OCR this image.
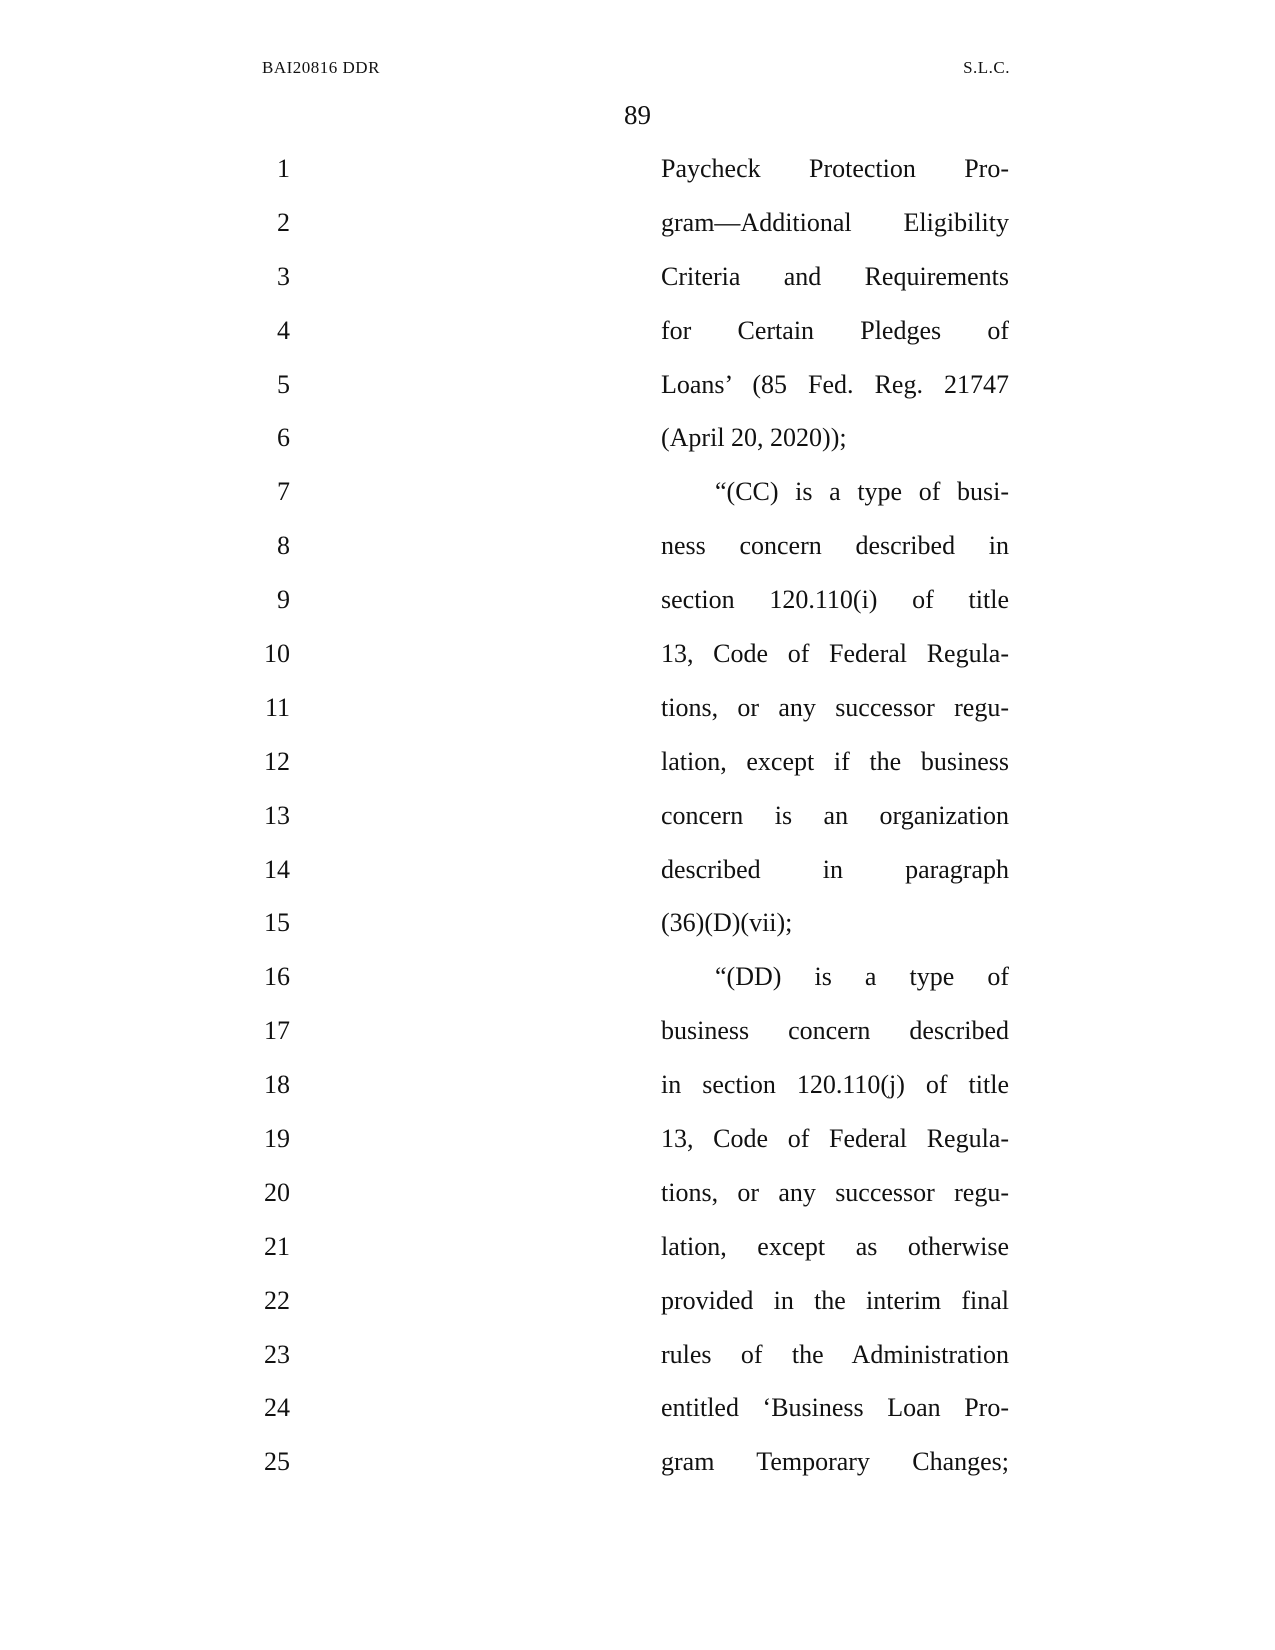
BAI20816 DDR	S.L.C.
89
1	Paycheck Protection Pro-
2	gram—Additional Eligibility
3	Criteria and Requirements
4	for Certain Pledges of
5	Loans’ (85 Fed. Reg. 21747
6	(April 20, 2020));
7	“(CC) is a type of busi-
8	ness concern described in
9	section 120.110(i) of title
10	13, Code of Federal Regula-
11	tions, or any successor regu-
12	lation, except if the business
13	concern is an organization
14	described in paragraph
15	(36)(D)(vii);
16	“(DD) is a type of
17	business concern described
18	in section 120.110(j) of title
19	13, Code of Federal Regula-
20	tions, or any successor regu-
21	lation, except as otherwise
22	provided in the interim final
23	rules of the Administration
24	entitled ‘Business Loan Pro-
25	gram Temporary Changes;
